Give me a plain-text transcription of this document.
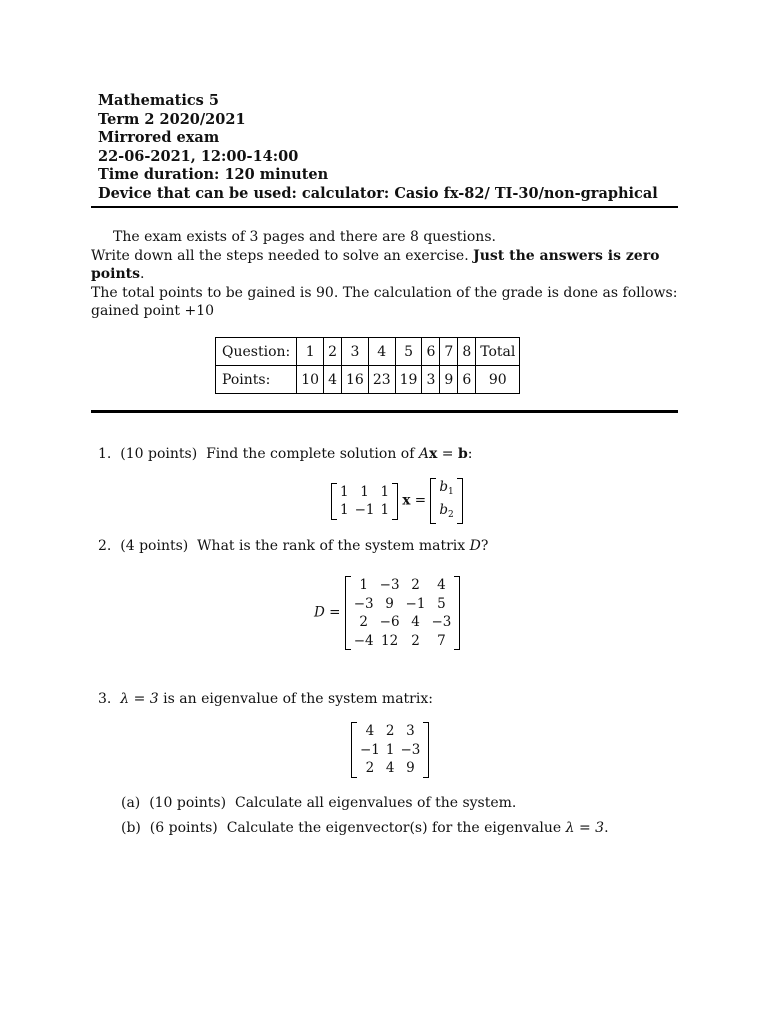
Mathematics 5
Term 2 2020/2021
Mirrored exam
22-06-2021, 12:00-14:00
Time duration: 120 minuten
Device that can be used: calculator: Casio fx-82/ TI-30/non-graphical
The exam exists of 3 pages and there are 8 questions.
Write down all the steps needed to solve an exercise. Just the answers is zero points.
The total points to be gained is 90. The calculation of the grade is done as follows: gained point +10
Question:	1	2	3	4	5	6	7	8	Total
Points:	10	4	16	23	19	3	9	6	90
1. (10 points) Find the complete solution of Ax = b:
1	1	1
1	−1	1
x =
$b_1$
$b_2$
2. (4 points) What is the rank of the system matrix D?
D =
1	−3	2	4
−3	9	−1	5
2	−6	4	−3
−4	12	2	7
3. λ = 3 is an eigenvalue of the system matrix:
4	2	3
−1	1	−3
2	4	9
(a) (10 points) Calculate all eigenvalues of the system.
(b) (6 points) Calculate the eigenvector(s) for the eigenvalue λ = 3.
